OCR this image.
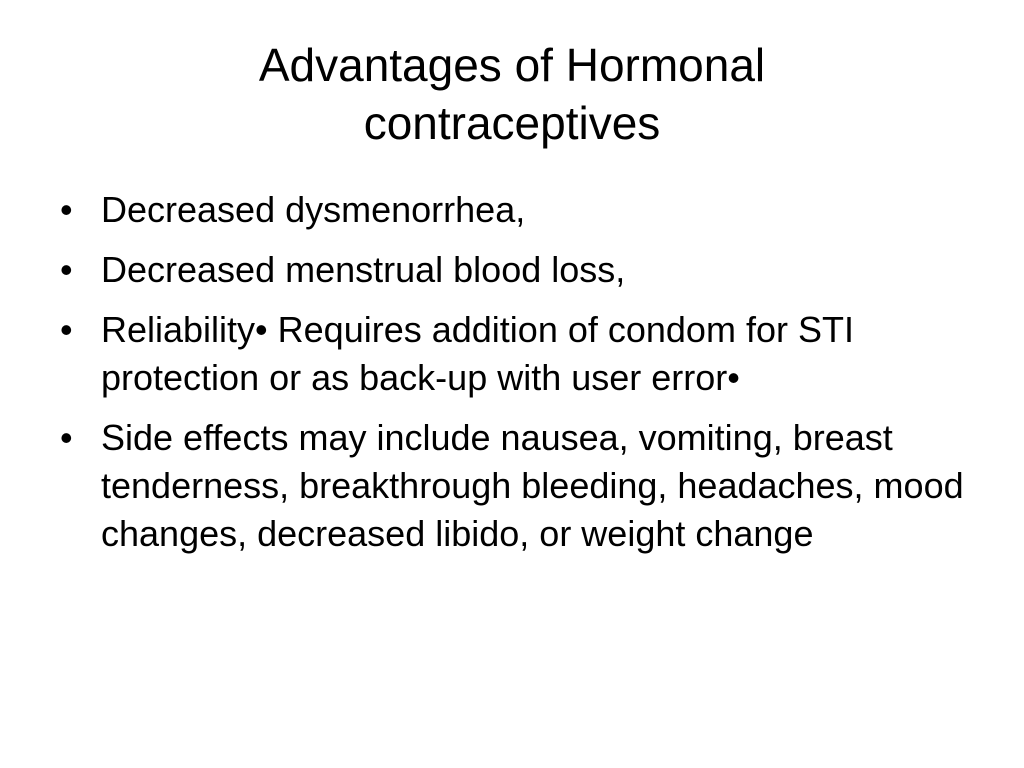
Advantages of Hormonal
contraceptives
• Decreased dysmenorrhea,
• Decreased menstrual blood loss,
• Reliability• Requires addition of condom for STI protection or as back-up with user error•
• Side effects may include nausea, vomiting, breast tenderness, breakthrough bleeding, headaches, mood changes, decreased libido, or weight change
